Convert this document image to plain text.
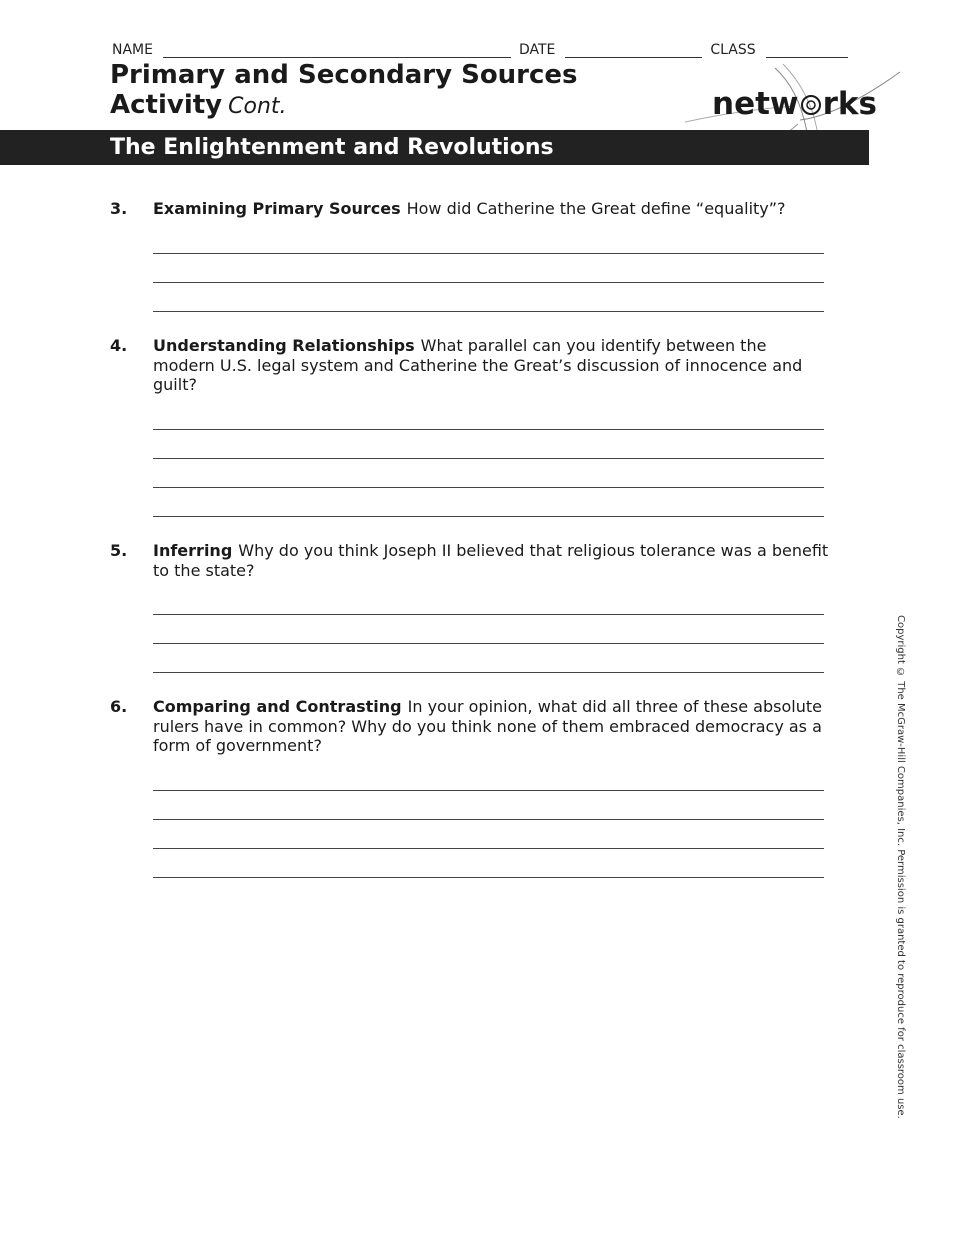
NAME	DATE	CLASS
Primary and Secondary Sources
Activity Cont.	netw rks
The Enlightenment and Revolutions
3. Examining Primary Sources How did Catherine the Great define “equality”?
4. Understanding Relationships What parallel can you identify between the modern U.S. legal system and Catherine the Great’s discussion of innocence and guilt?
5. Inferring Why do you think Joseph II believed that religious tolerance was a benefit to the state?
6. Comparing and Contrasting In your opinion, what did all three of these absolute rulers have in common? Why do you think none of them embraced democracy as a form of government?	Copyright © The McGraw-Hill Companies, Inc. Permission is granted to reproduce for classroom use.
